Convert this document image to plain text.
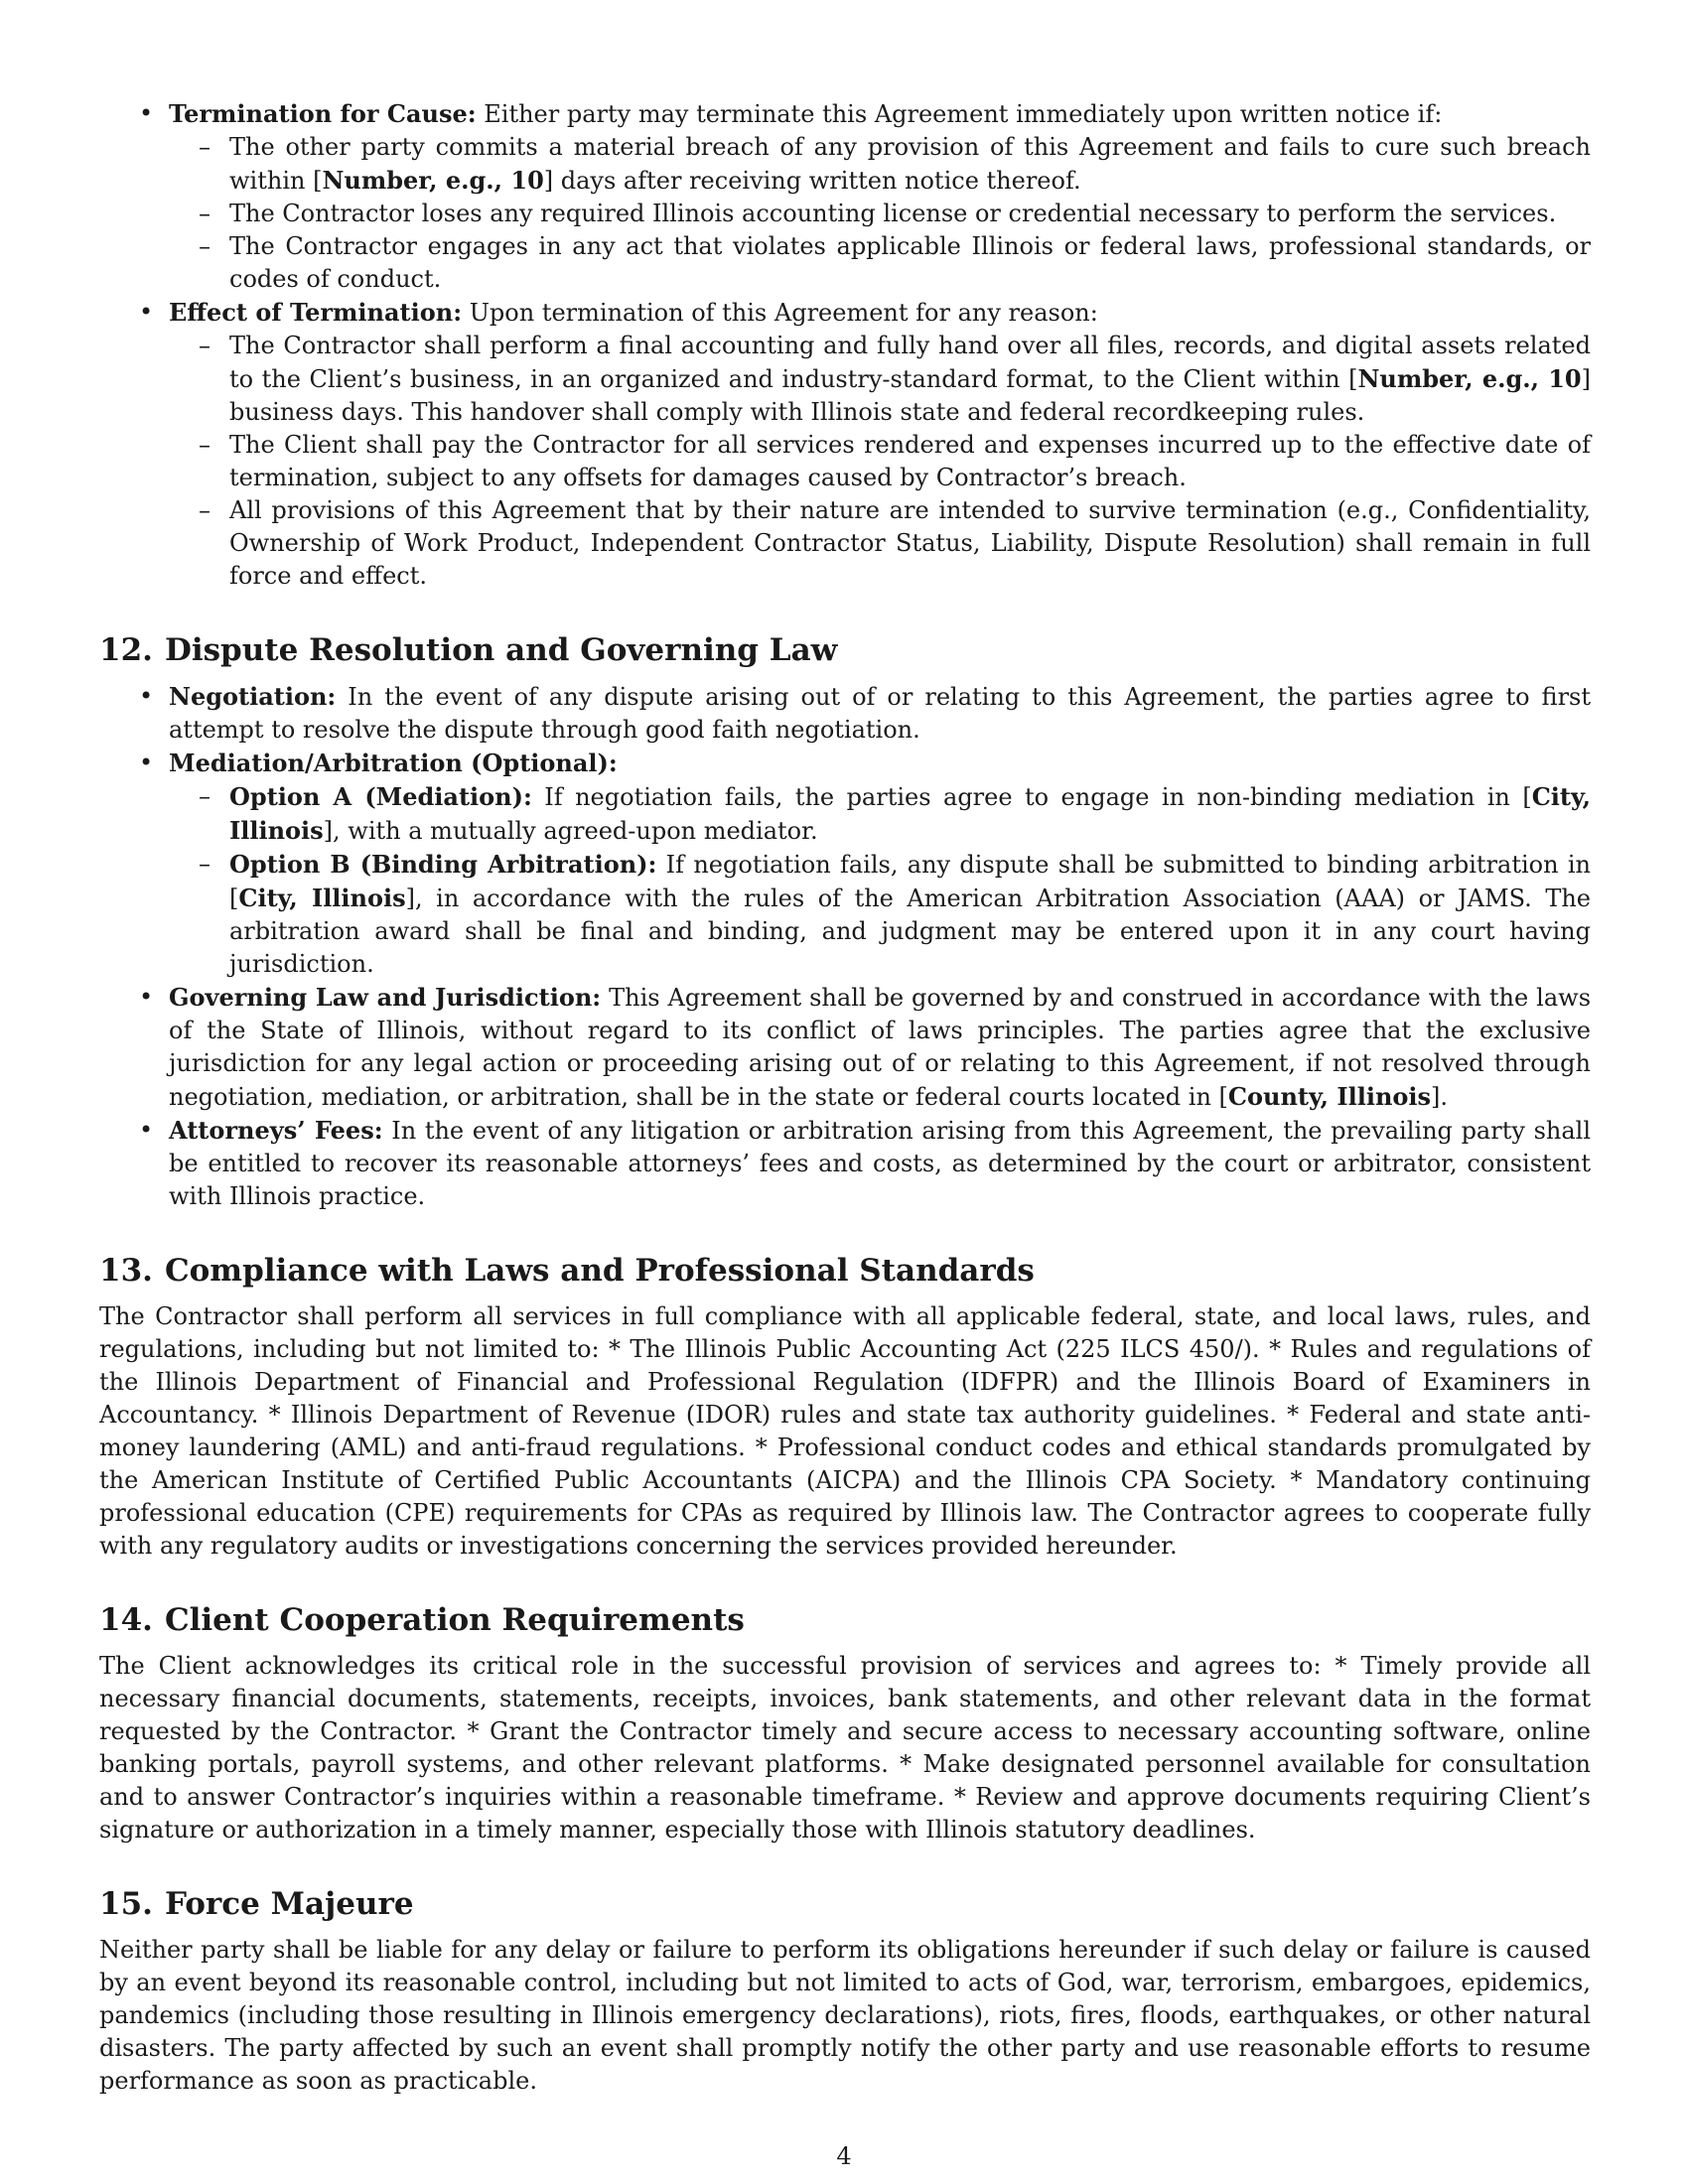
• Termination for Cause: Either party may terminate this Agreement immediately upon written notice if:
– The other party commits a material breach of any provision of this Agreement and fails to cure such breach within [Number, e.g., 10] days after receiving written notice thereof.
– The Contractor loses any required Illinois accounting license or credential necessary to perform the services.
– The Contractor engages in any act that violates applicable Illinois or federal laws, professional standards, or codes of conduct.
• Effect of Termination: Upon termination of this Agreement for any reason:
– The Contractor shall perform a final accounting and fully hand over all files, records, and digital assets related to the Client’s business, in an organized and industry-standard format, to the Client within [Number, e.g., 10] business days. This handover shall comply with Illinois state and federal recordkeeping rules.
– The Client shall pay the Contractor for all services rendered and expenses incurred up to the effective date of termination, subject to any offsets for damages caused by Contractor’s breach.
– All provisions of this Agreement that by their nature are intended to survive termination (e.g., Confidentiality, Ownership of Work Product, Independent Contractor Status, Liability, Dispute Resolution) shall remain in full force and effect.
12. Dispute Resolution and Governing Law
• Negotiation: In the event of any dispute arising out of or relating to this Agreement, the parties agree to first attempt to resolve the dispute through good faith negotiation.
• Mediation/Arbitration (Optional):
– Option A (Mediation): If negotiation fails, the parties agree to engage in non-binding mediation in [City, Illinois], with a mutually agreed-upon mediator.
– Option B (Binding Arbitration): If negotiation fails, any dispute shall be submitted to binding arbitration in [City, Illinois], in accordance with the rules of the American Arbitration Association (AAA) or JAMS. The arbitration award shall be final and binding, and judgment may be entered upon it in any court having jurisdiction.
• Governing Law and Jurisdiction: This Agreement shall be governed by and construed in accordance with the laws of the State of Illinois, without regard to its conflict of laws principles. The parties agree that the exclusive jurisdiction for any legal action or proceeding arising out of or relating to this Agreement, if not resolved through negotiation, mediation, or arbitration, shall be in the state or federal courts located in [County, Illinois].
• Attorneys’ Fees: In the event of any litigation or arbitration arising from this Agreement, the prevailing party shall be entitled to recover its reasonable attorneys’ fees and costs, as determined by the court or arbitrator, consistent with Illinois practice.
13. Compliance with Laws and Professional Standards

The Contractor shall perform all services in full compliance with all applicable federal, state, and local laws, rules, and regulations, including but not limited to: * The Illinois Public Accounting Act (225 ILCS 450/). * Rules and regulations of the Illinois Department of Financial and Professional Regulation (IDFPR) and the Illinois Board of Examiners in Accountancy. * Illinois Department of Revenue (IDOR) rules and state tax authority guidelines. * Federal and state anti-money laundering (AML) and anti-fraud regulations. * Professional conduct codes and ethical standards promulgated by the American Institute of Certified Public Accountants (AICPA) and the Illinois CPA Society. * Mandatory continuing professional education (CPE) requirements for CPAs as required by Illinois law. The Contractor agrees to cooperate fully with any regulatory audits or investigations concerning the services provided hereunder.

14. Client Cooperation Requirements

The Client acknowledges its critical role in the successful provision of services and agrees to: * Timely provide all necessary financial documents, statements, receipts, invoices, bank statements, and other relevant data in the format requested by the Contractor. * Grant the Contractor timely and secure access to necessary accounting software, online banking portals, payroll systems, and other relevant platforms. * Make designated personnel available for consultation and to answer Contractor’s inquiries within a reasonable timeframe. * Review and approve documents requiring Client’s signature or authorization in a timely manner, especially those with Illinois statutory deadlines.

15. Force Majeure

Neither party shall be liable for any delay or failure to perform its obligations hereunder if such delay or failure is caused by an event beyond its reasonable control, including but not limited to acts of God, war, terrorism, embargoes, epidemics, pandemics (including those resulting in Illinois emergency declarations), riots, fires, floods, earthquakes, or other natural disasters. The party affected by such an event shall promptly notify the other party and use reasonable efforts to resume performance as soon as practicable.

4
